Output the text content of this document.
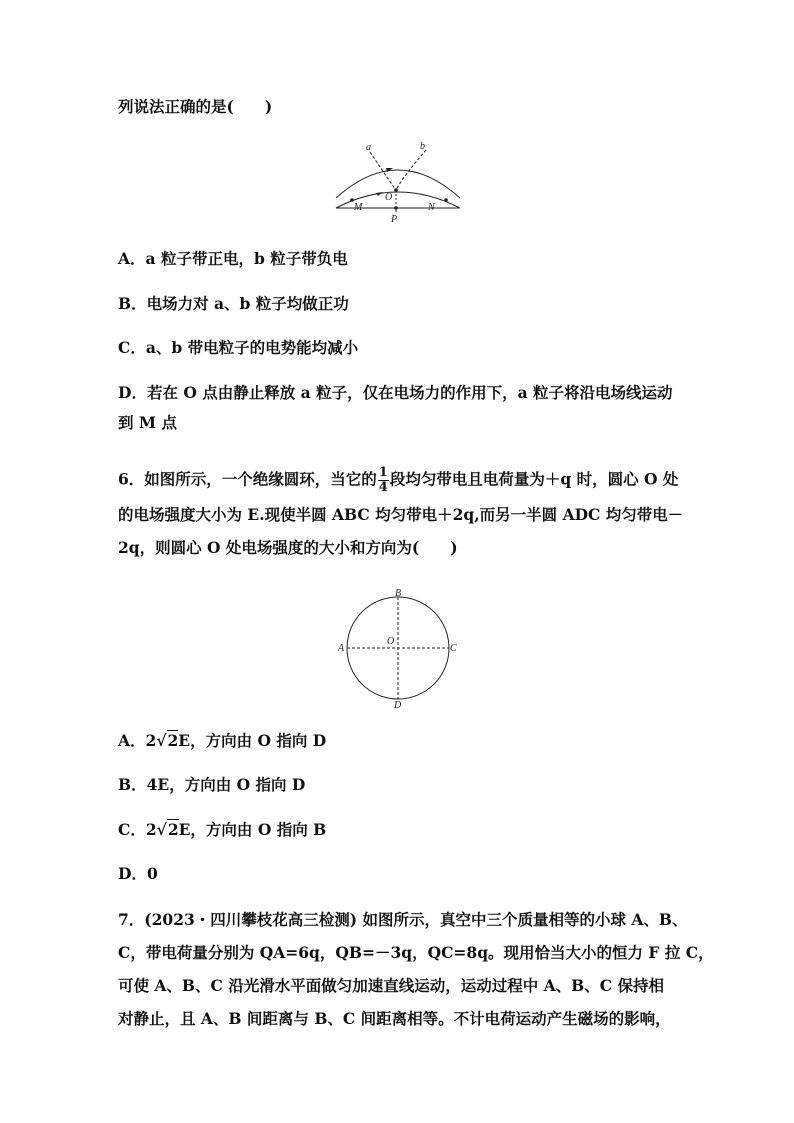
列说法正确的是(　　)
a	b
O
M	N
P
A．a 粒子带正电，b 粒子带负电
B．电场力对 a、b 粒子均做正功
C．a、b 带电粒子的电势能均减小
D．若在 O 点由静止释放 a 粒子，仅在电场力的作用下，a 粒子将沿电场线运动
到 M 点
6．如图所示，一个绝缘圆环，当它的 $\frac{1}{4}$ 段均匀带电且电荷量为＋q 时，圆心 O 处
的电场强度大小为 E.现使半圆 ABC 均匀带电＋2q,而另一半圆 ADC 均匀带电－
2q，则圆心 O 处电场强度的大小和方向为(　　)
B
A	C
D
O
A．2√2E，方向由 O 指向 D
B．4E，方向由 O 指向 D
C．2√2E，方向由 O 指向 B
D．0
7．(2023・四川攀枝花高三检测) 如图所示，真空中三个质量相等的小球 A、B、
C，带电荷量分别为 QA=6q，QB=－3q，QC=8q。现用恰当大小的恒力 F 拉 C，
可使 A、B、C 沿光滑水平面做匀加速直线运动，运动过程中 A、B、C 保持相
对静止，且 A、B 间距离与 B、C 间距离相等。不计电荷运动产生磁场的影响，
